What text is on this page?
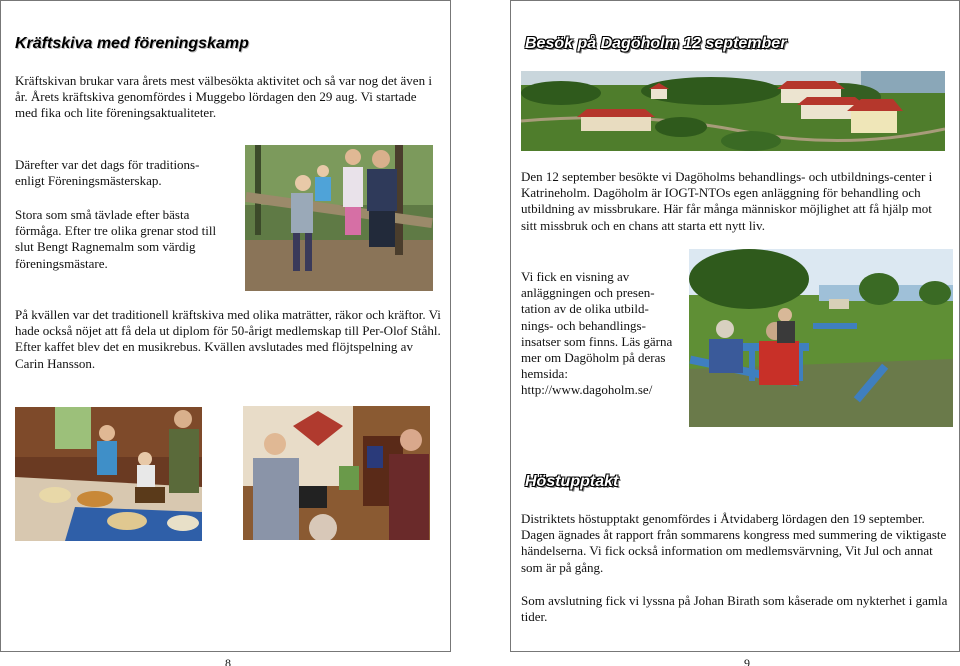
Kräftskiva med föreningskamp
Kräftskivan brukar vara årets mest välbesökta aktivitet och så var nog det även i år. Årets kräftskiva genomfördes i Muggebo lördagen den 29 aug. Vi startade med fika och lite föreningsaktualiteter.
Därefter var det dags för traditions-enligt Föreningsmästerskap.
Stora som små tävlade efter bästa förmåga. Efter tre olika grenar stod till slut Bengt Ragnemalm som värdig föreningsmästare.
På kvällen var det traditionell kräftskiva med olika maträtter, räkor och kräftor. Vi hade också nöjet att få dela ut diplom för 50-årigt medlemskap till Per-Olof Ståhl. Efter kaffet blev det en musikrebus. Kvällen avslutades med flöjtspelning av Carin Hansson.
8
Besök på Dagöholm 12 september
Den 12 september besökte vi Dagöholms behandlings- och utbildnings-center i Katrineholm. Dagöholm är IOGT-NTOs egen anläggning för behandling och utbildning av missbrukare. Här får många människor möjlighet att få hjälp mot sitt missbruk och en chans att starta ett nytt liv.
Vi fick en visning av anläggningen och presen-tation av de olika utbild-nings- och behandlings-insatser som finns. Läs gärna mer om Dagöholm på deras hemsida: http://www.dagoholm.se/
Höstupptakt
Distriktets höstupptakt genomfördes i Åtvidaberg lördagen den 19 september. Dagen ägnades åt rapport från sommarens kongress med summering de viktigaste händelserna. Vi fick också information om medlemsvärvning, Vit Jul och annat som är på gång.
Som avslutning fick vi lyssna på Johan Birath som kåserade om nykterhet i gamla tider.
9
